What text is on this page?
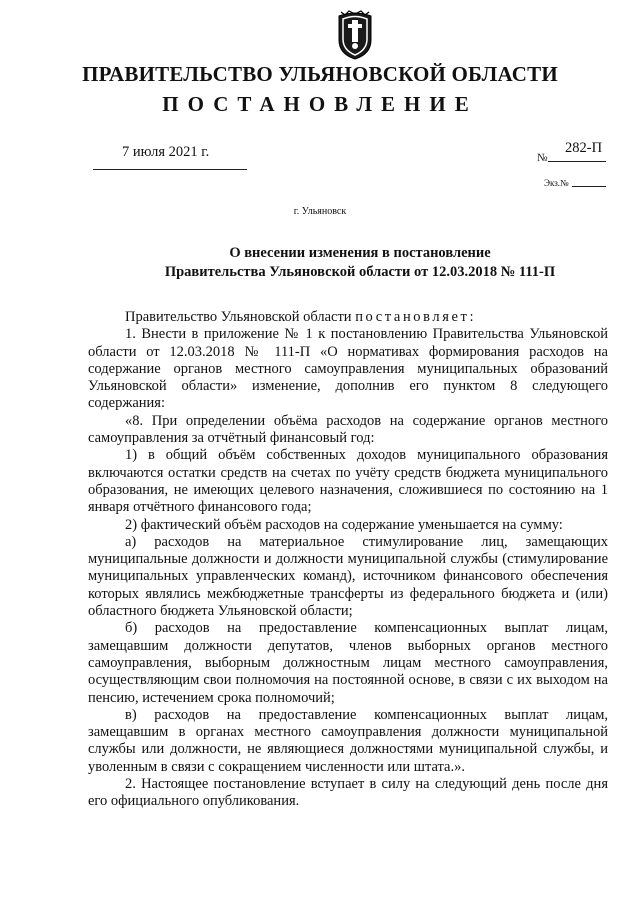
ПРАВИТЕЛЬСТВО УЛЬЯНОВСКОЙ ОБЛАСТИ
ПОСТАНОВЛЕНИЕ
7 июля 2021 г.	№
282-П
Экз.№
г. Ульяновск
О внесении изменения в постановление
Правительства Ульяновской области от 12.03.2018 № 111-П

Правительство Ульяновской области постановляет:

1. Внести в приложение № 1 к постановлению Правительства Ульяновской области от 12.03.2018 № 111-П «О нормативах формирования расходов на содержание органов местного самоуправления муниципальных образований Ульяновской области» изменение, дополнив его пунктом 8 следующего содержания:

«8. При определении объёма расходов на содержание органов местного самоуправления за отчётный финансовый год:

1) в общий объём собственных доходов муниципального образования включаются остатки средств на счетах по учёту средств бюджета муниципального образования, не имеющих целевого назначения, сложившиеся по состоянию на 1 января отчётного финансового года;

2) фактический объём расходов на содержание уменьшается на сумму:

а) расходов на материальное стимулирование лиц, замещающих муниципальные должности и должности муниципальной службы (стимулирование муниципальных управленческих команд), источником финансового обеспечения которых являлись межбюджетные трансферты из федерального бюджета и (или) областного бюджета Ульяновской области;

б) расходов на предоставление компенсационных выплат лицам, замещавшим должности депутатов, членов выборных органов местного самоуправления, выборным должностным лицам местного самоуправления, осуществляющим свои полномочия на постоянной основе, в связи с их выходом на пенсию, истечением срока полномочий;

в) расходов на предоставление компенсационных выплат лицам, замещавшим в органах местного самоуправления должности муниципальной службы или должности, не являющиеся должностями муниципальной службы, и уволенным в связи с сокращением численности или штата.».

2. Настоящее постановление вступает в силу на следующий день после дня его официального опубликования.
